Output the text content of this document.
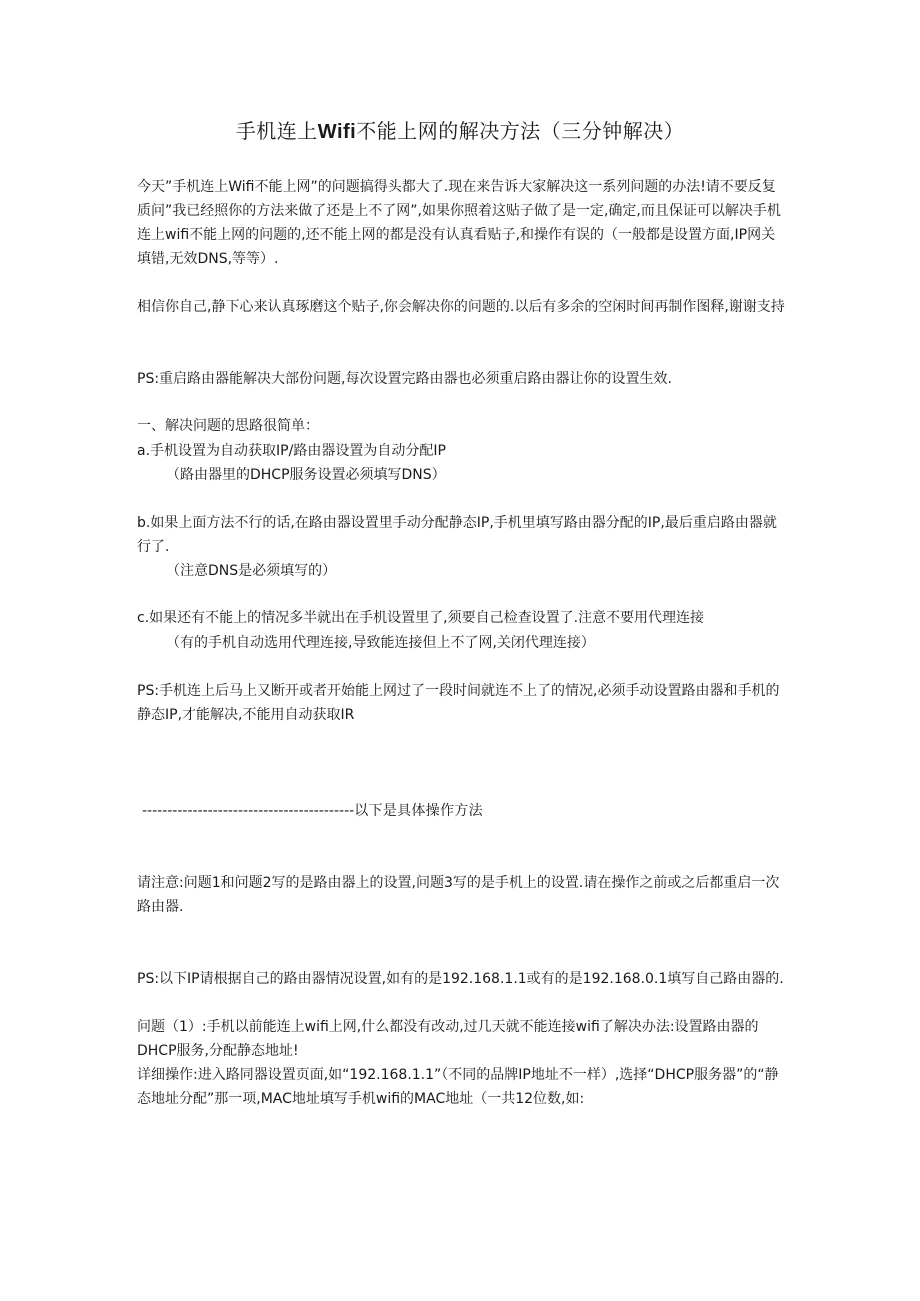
手机连上Wifi不能上网的解决方法（三分钟解决）

今天”手机连上Wifi不能上网”的问题搞得头都大了.现在来告诉大家解决这一系列问题的办法!请不要反复质问”我已经照你的方法来做了还是上不了网”,如果你照着这贴子做了是一定,确定,而且保证可以解决手机连上wifi不能上网的问题的,还不能上网的都是没有认真看贴子,和操作有误的（一般都是设置方面,IP网关填错,无效DNS,等等）.

相信你自己,静下心来认真琢磨这个贴子,你会解决你的问题的.以后有多余的空闲时间再制作图释,谢谢支持

PS:重启路由器能解决大部份问题,每次设置完路由器也必须重启路由器让你的设置生效.

一、解决问题的思路很简单：

a.手机设置为自动获取IP/路由器设置为自动分配IP

（路由器里的DHCP服务设置必须填写DNS）

b.如果上面方法不行的话,在路由器设置里手动分配静态IP,手机里填写路由器分配的IP,最后重启路由器就行了.

（注意DNS是必须填写的）

c.如果还有不能上的情况多半就出在手机设置里了,须要自己检查设置了.注意不要用代理连接

（有的手机自动选用代理连接,导致能连接但上不了网,关闭代理连接）

PS:手机连上后马上又断开或者开始能上网过了一段时间就连不上了的情况,必须手动设置路由器和手机的静态IP,才能解决,不能用自动获取IR

------------------------------------------以下是具体操作方法

请注意:问题1和问题2写的是路由器上的设置,问题3写的是手机上的设置.请在操作之前或之后都重启一次路由器.

PS:以下IP请根据自己的路由器情况设置,如有的是192.168.1.1或有的是192.168.0.1填写自己路由器的.

问题（1）:手机以前能连上wifi上网,什么都没有改动,过几天就不能连接wifi了解决办法:设置路由器的DHCP服务,分配静态地址!

详细操作:进入路同器设置页面,如“192.168.1.1”（不同的品牌IP地址不一样）,选择“DHCP服务器”的“静态地址分配”那一项,MAC地址填写手机wifi的MAC地址（一共12位数,如:
